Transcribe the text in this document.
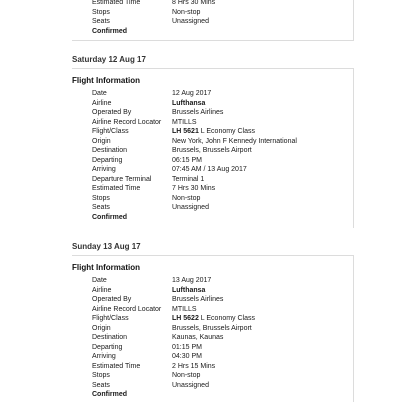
Estimated Time	8 Hrs 30 Mins
Stops	Non-stop
Seats	Unassigned
Confirmed
Saturday 12 Aug 17
Flight Information
Date	12 Aug 2017
Airline	Lufthansa
Operated By	Brussels Airlines
Airline Record Locator	MTILLS
Flight/Class	LH 5621 L Economy Class
Origin	New York, John F Kennedy International
Destination	Brussels, Brussels Airport
Departing	06:15 PM
Arriving	07:45 AM / 13 Aug 2017
Departure Terminal	Terminal 1
Estimated Time	7 Hrs 30 Mins
Stops	Non-stop
Seats	Unassigned
Confirmed
Sunday 13 Aug 17
Flight Information
Date	13 Aug 2017
Airline	Lufthansa
Operated By	Brussels Airlines
Airline Record Locator	MTILLS
Flight/Class	LH 5622 L Economy Class
Origin	Brussels, Brussels Airport
Destination	Kaunas, Kaunas
Departing	01:15 PM
Arriving	04:30 PM
Estimated Time	2 Hrs 15 Mins
Stops	Non-stop
Seats	Unassigned
Confirmed
